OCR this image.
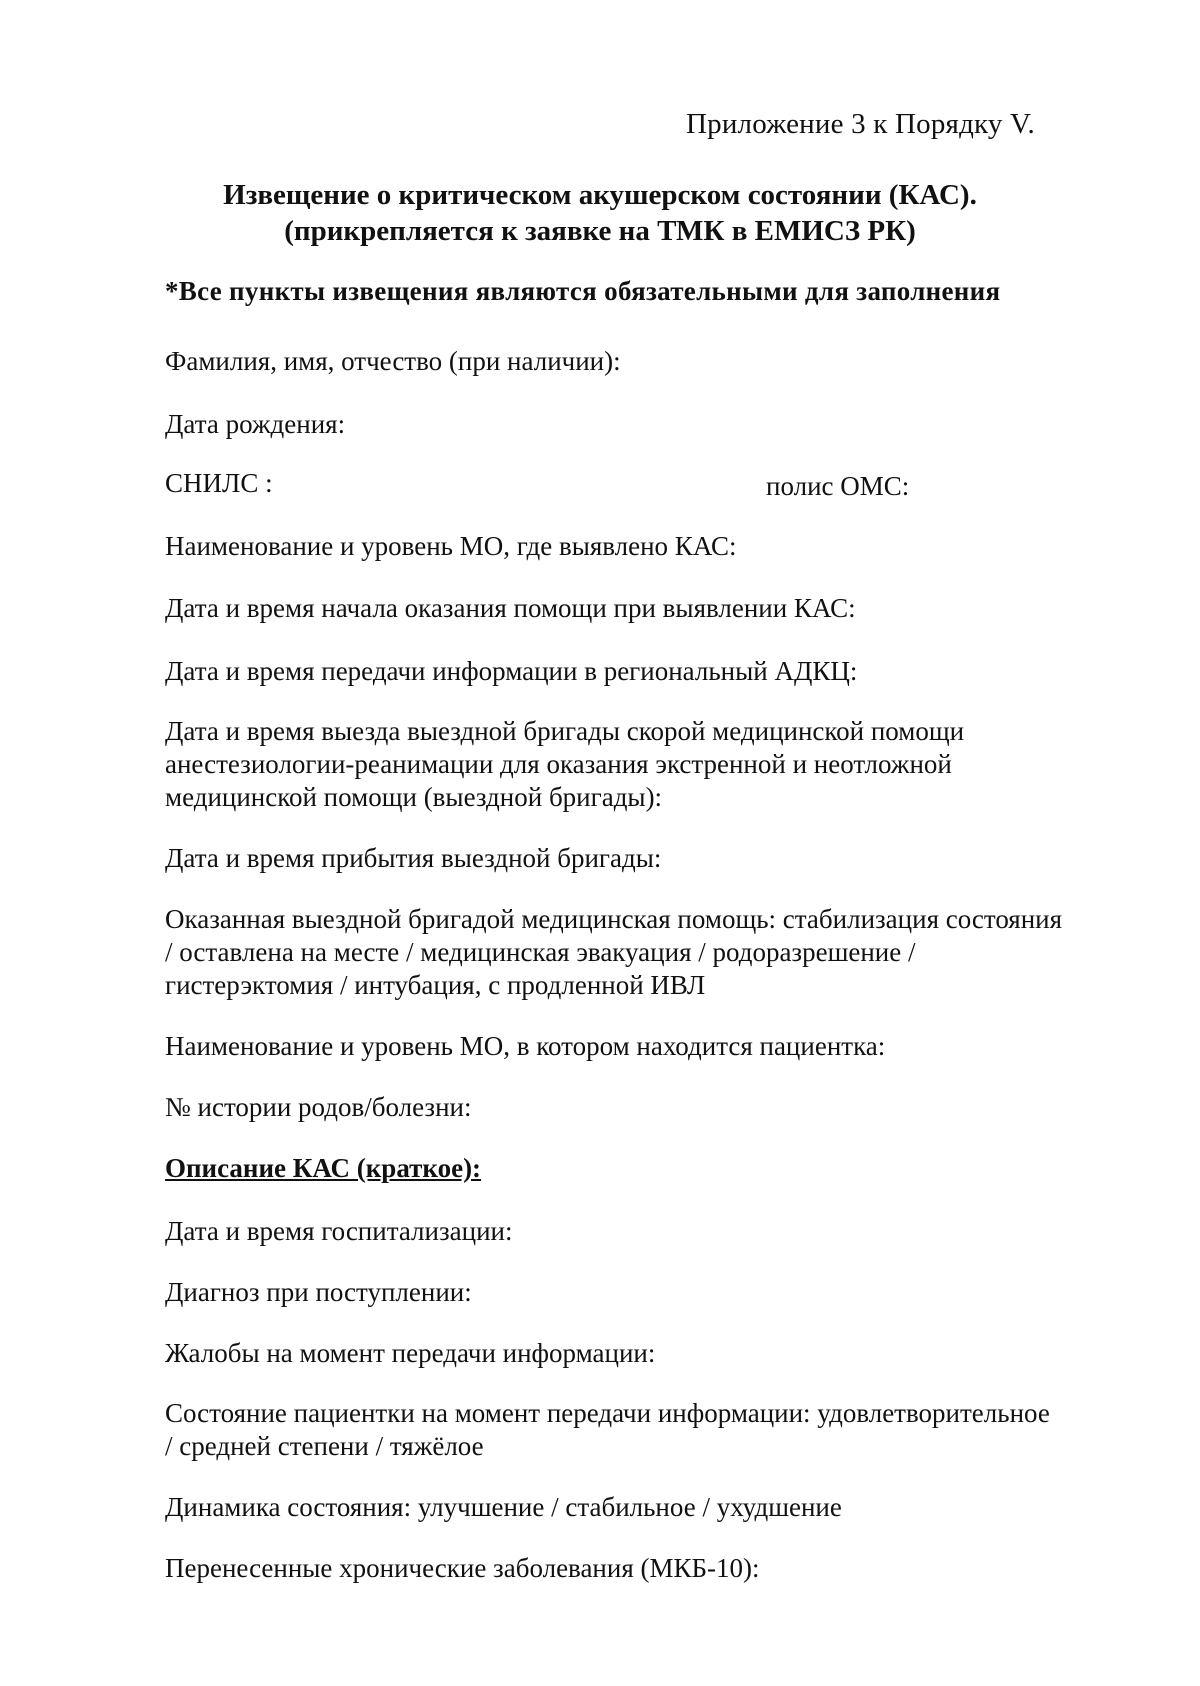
Приложение 3 к Порядку V.
Извещение о критическом акушерском состоянии (КАС).
(прикрепляется к заявке на ТМК в ЕМИСЗ РК)
*Все пункты извещения являются обязательными для заполнения
Фамилия, имя, отчество (при наличии):
Дата рождения:
СНИЛС :	полис ОМС:
Наименование и уровень МО, где выявлено КАС:
Дата и время начала оказания помощи при выявлении КАС:
Дата и время передачи информации в региональный АДКЦ:
Дата и время выезда выездной бригады скорой медицинской помощи
анестезиологии-реанимации для оказания экстренной и неотложной
медицинской помощи (выездной бригады):
Дата и время прибытия выездной бригады:
Оказанная выездной бригадой медицинская помощь: стабилизация состояния
/ оставлена на месте / медицинская эвакуация / родоразрешение /
гистерэктомия / интубация, с продленной ИВЛ
Наименование и уровень МО, в котором находится пациентка:
№ истории родов/болезни:
Описание КАС (краткое):
Дата и время госпитализации:
Диагноз при поступлении:
Жалобы на момент передачи информации:
Состояние пациентки на момент передачи информации: удовлетворительное
/ средней степени / тяжёлое
Динамика состояния: улучшение / стабильное / ухудшение
Перенесенные хронические заболевания (МКБ-10):
